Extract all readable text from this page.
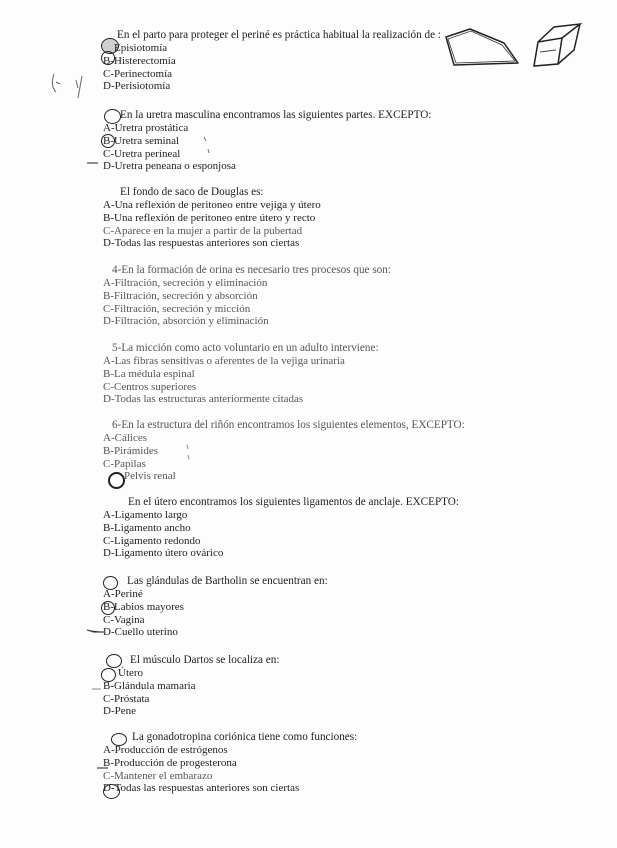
En el parto para proteger el periné es práctica habitual la realización de :

Episiotomía

B-Histerectomía

C-Perinectomía

D-Perisiotomía

En la uretra masculina encontramos las siguientes partes. EXCEPTO:

A-Uretra prostática

B-Uretra seminal

C-Uretra perineal

D-Uretra peneana o esponjosa

El fondo de saco de Douglas es:

A-Una reflexión de peritoneo entre vejiga y útero

B-Una reflexión de peritoneo entre útero y recto

C-Aparece en la mujer a partir de la pubertad

D-Todas las respuestas anteriores son ciertas

4-En la formación de orina es necesario tres procesos que son:

A-Filtración, secreción y eliminación

B-Filtración, secreción y absorción

C-Filtración, secreción y micción

D-Filtración, absorción y eliminación

5-La micción como acto voluntario en un adulto interviene:

A-Las fibras sensitivas o aferentes de la vejiga urinaria

B-La médula espinal

C-Centros superiores

D-Todas las estructuras anteriormente citadas

6-En la estructura del riñón encontramos los siguientes elementos, EXCEPTO:

A-Cálices

B-Pirámides

C-Papilas

Pelvis renal

En el útero encontramos los siguientes ligamentos de anclaje. EXCEPTO:

A-Ligamento largo

B-Ligamento ancho

C-Ligamento redondo

D-Ligamento útero ovárico

Las glándulas de Bartholin se encuentran en:

A-Periné

B-Labios mayores

C-Vagina

D-Cuello uterino

El músculo Dartos se localiza en:

Útero

B-Glándula mamaria

C-Próstata

D-Pene

La gonadotropina coriónica tiene como funciones:

A-Producción de estrógenos

B-Producción de progesterona

C-Mantener el embarazo

D-Todas las respuestas anteriores son ciertas
